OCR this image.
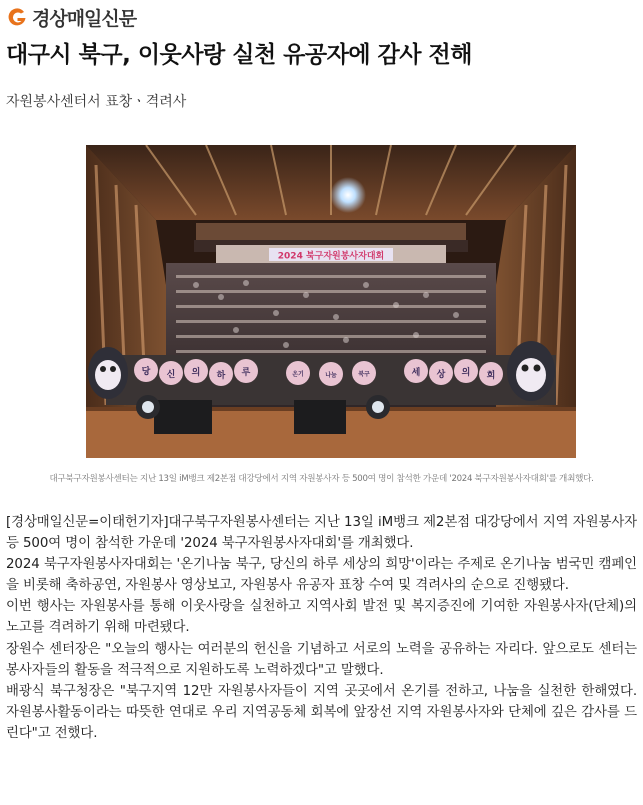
경상매일신문
대구시 북구, 이웃사랑 실천 유공자에 감사 전해
자원봉사센터서 표창ㆍ격려사
2024 북구자원봉사자대회
당 신 의 하 루	온기	나눔	북구	세 상 의 희
대구북구자원봉사센터는 지난 13일 iM뱅크 제2본점 대강당에서 지역 자원봉사자 등 500여 명이 참석한 가운데 '2024 북구자원봉사자대회'를 개최했다.

[경상매일신문=이태헌기자]대구북구자원봉사센터는 지난 13일 iM뱅크 제2본점 대강당에서 지역 자원봉사자 등 500여 명이 참석한 가운데 '2024 북구자원봉사자대회'를 개최했다.

2024 북구자원봉사자대회는 '온기나눔 북구, 당신의 하루 세상의 희망'이라는 주제로 온기나눔 범국민 캠페인을 비롯해 축하공연, 자원봉사 영상보고, 자원봉사 유공자 표창 수여 및 격려사의 순으로 진행됐다.

이번 행사는 자원봉사를 통해 이웃사랑을 실천하고 지역사회 발전 및 복지증진에 기여한 자원봉사자(단체)의 노고를 격려하기 위해 마련됐다.

장원수 센터장은 "오늘의 행사는 여러분의 헌신을 기념하고 서로의 노력을 공유하는 자리다. 앞으로도 센터는 봉사자들의 활동을 적극적으로 지원하도록 노력하겠다"고 말했다.

배광식 북구청장은 "북구지역 12만 자원봉사자들이 지역 곳곳에서 온기를 전하고, 나눔을 실천한 한해였다. 자원봉사활동이라는 따뜻한 연대로 우리 지역공동체 회복에 앞장선 지역 자원봉사자와 단체에 깊은 감사를 드린다"고 전했다.
